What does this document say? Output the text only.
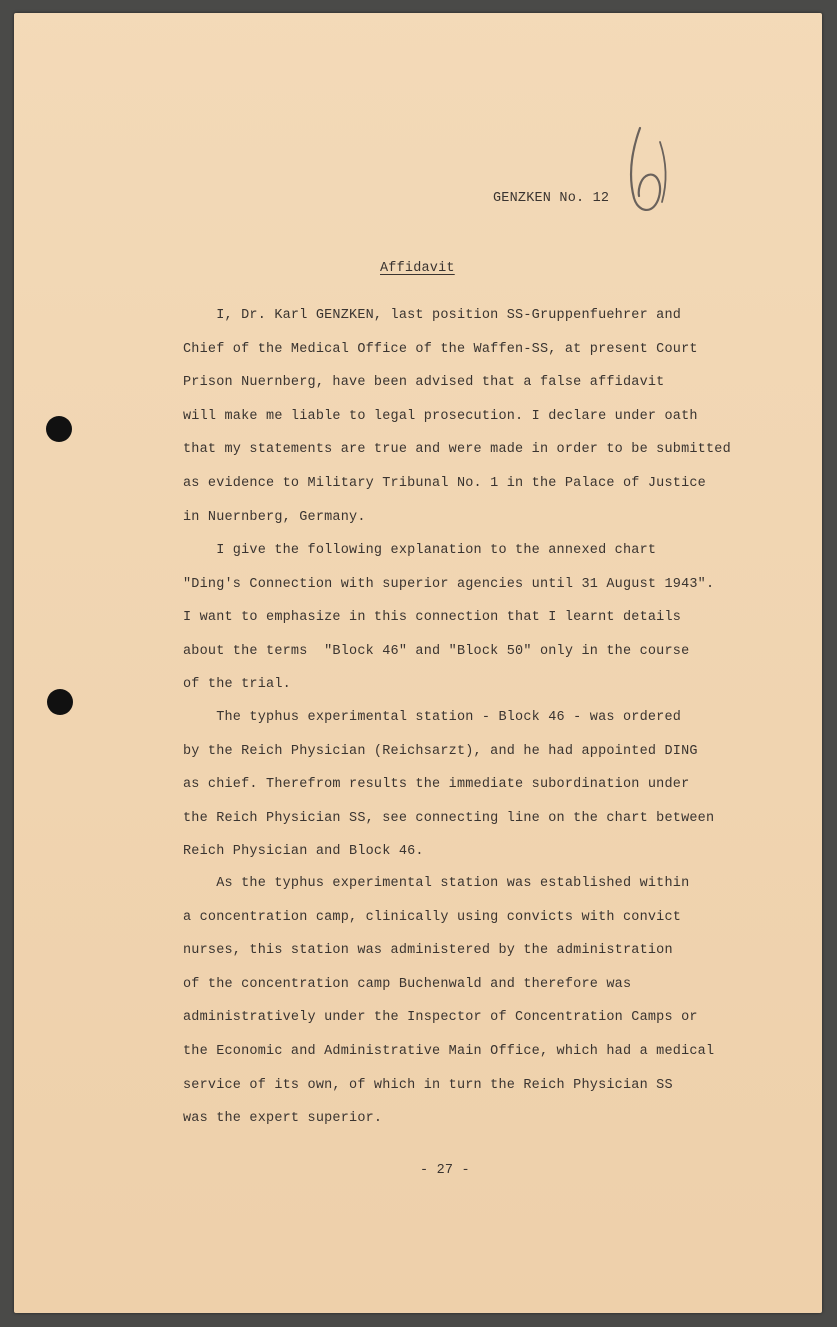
GENZKEN No. 12
Affidavit
I, Dr. Karl GENZKEN, last position SS-Gruppenfuehrer and
Chief of the Medical Office of the Waffen-SS, at present Court
Prison Nuernberg, have been advised that a false affidavit
will make me liable to legal prosecution. I declare under oath
that my statements are true and were made in order to be submitted
as evidence to Military Tribunal No. 1 in the Palace of Justice
in Nuernberg, Germany.
I give the following explanation to the annexed chart
"Ding's Connection with superior agencies until 31 August 1943".
I want to emphasize in this connection that I learnt details
about the terms  "Block 46" and "Block 50" only in the course
of the trial.
The typhus experimental station - Block 46 - was ordered
by the Reich Physician (Reichsarzt), and he had appointed DING
as chief. Therefrom results the immediate subordination under
the Reich Physician SS, see connecting line on the chart between
Reich Physician and Block 46.
As the typhus experimental station was established within
a concentration camp, clinically using convicts with convict
nurses, this station was administered by the administration
of the concentration camp Buchenwald and therefore was
administratively under the Inspector of Concentration Camps or
the Economic and Administrative Main Office, which had a medical
service of its own, of which in turn the Reich Physician SS
was the expert superior.
- 27 -
